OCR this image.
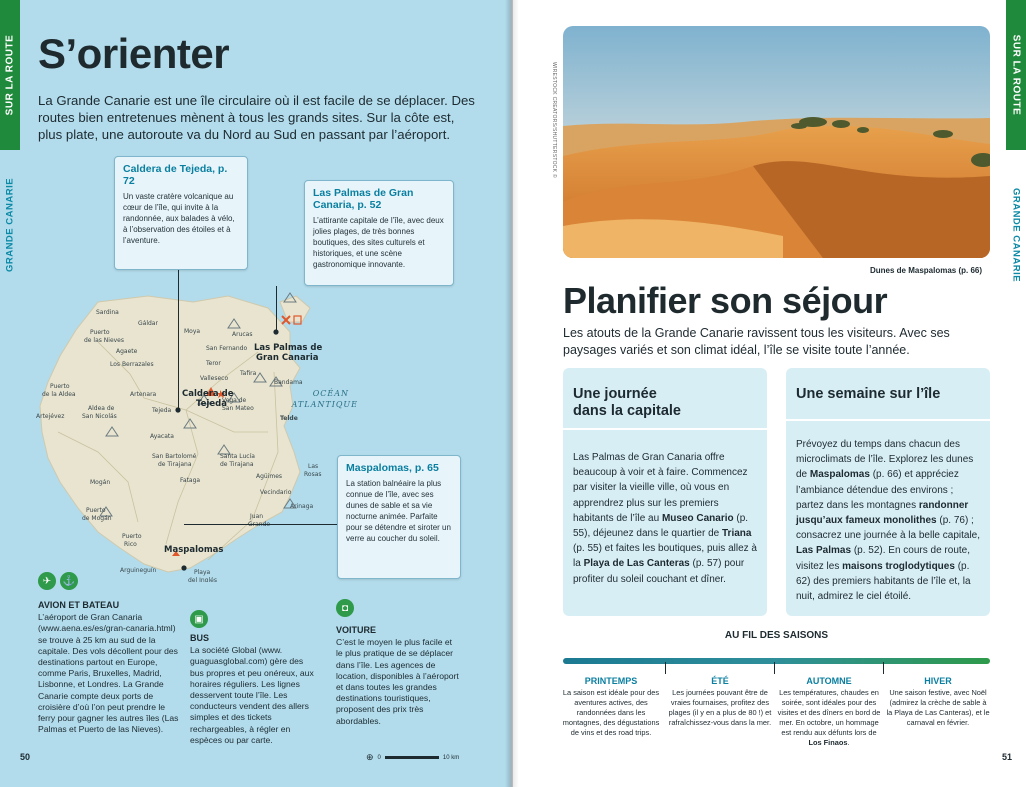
SUR LA ROUTE
GRANDE CANARIE
S’orienter

La Grande Canarie est une île circulaire où il est facile de se déplacer. Des routes bien entretenues mènent à tous les grands sites. Sur la côte est, plus plate, une autoroute va du Nord au Sud en passant par l’aéroport.

Sardina
Gáldar
Puerto
de las Nieves
Agaete
Los Berrazales
Moya	Arucas
San Fernando
Teror
Valleseco
Tafira
Bandama
Puerto
de la Aldea	Artenara
Vega de
San Mateo
Aldea de
San Nicolás
Artejévez
Tejeda
Ayacata
Telde
San Bartolomé
de Tirajana
Santa Lucía
de Tirajana	Las
Rosas
Mogán	Fataga
Agüimes
Vecindario
Arinaga
Juan
Puerto
de Mogán
Puerto
Rico
Arguineguín	Playa
del Inglés
Las Palmas de
Gran Canaria
Caldera de
Tejeda
Maspalomas
OCÉAN
ATLANTIQUE
Caldera de Tejeda, p. 72

Un vaste cratère volcanique au cœur de l’île, qui invite à la randonnée, aux balades à vélo, à l’observation des étoiles et à l’aventure.

Las Palmas de Gran Canaria, p. 52

L’attirante capitale de l’île, avec deux jolies plages, de très bonnes boutiques, des sites culturels et historiques, et une scène gastronomique innovante.

Maspalomas, p. 65

La station balnéaire la plus connue de l’île, avec ses dunes de sable et sa vie nocturne animée. Parfaite pour se détendre et siroter un verre au coucher du soleil.

✈	⚓
▣
◘
AVION ET BATEAU

L’aéroport de Gran Canaria (www.aena.es/es/gran-canaria.html) se trouve à 25 km au sud de la capitale. Des vols décollent pour des destinations partout en Europe, comme Paris, Bruxelles, Madrid, Lisbonne, et Londres. La Grande Canarie compte deux ports de croisière d’où l’on peut prendre le ferry pour gagner les autres îles (Las Palmas et Puerto de las Nieves).

BUS

La société Global (www. guaguasglobal.com) gère des bus propres et peu onéreux, aux horaires réguliers. Les lignes desservent toute l’île. Les conducteurs vendent des allers simples et des tickets rechargeables, à régler en espèces ou par carte.

VOITURE

C’est le moyen le plus facile et le plus pratique de se déplacer dans l’île. Les agences de location, disponibles à l’aéroport et dans toutes les grandes destinations touristiques, proposent des prix très abordables.

⊕ 0	10 km
50
SUR LA ROUTE
GRANDE CANARIE
WIRESTOCK CREATORS/SHUTTERSTOCK ©
Dunes de Maspalomas (p. 66)
Planifier son séjour

Les atouts de la Grande Canarie ravissent tous les visiteurs. Avec ses paysages variés et son climat idéal, l’île se visite toute l’année.

Une journée
dans la capitale

Las Palmas de Gran Canaria offre beaucoup à voir et à faire. Commencez par visiter la vieille ville, où vous en apprendrez plus sur les premiers habitants de l’île au Museo Canario (p. 55), déjeunez dans le quartier de Triana (p. 55) et faites les boutiques, puis allez à la Playa de Las Canteras (p. 57) pour profiter du soleil couchant et dîner.

Une semaine sur l’île

Prévoyez du temps dans chacun des microclimats de l’île. Explorez les dunes de Maspalomas (p. 66) et appréciez l’ambiance détendue des environs ; partez dans les montagnes randonner jusqu’aux fameux monolithes (p. 76) ; consacrez une journée à la belle capitale, Las Palmas (p. 52). En cours de route, visitez les maisons troglodytiques (p. 62) des premiers habitants de l’île et, la nuit, admirez le ciel étoilé.

AU FIL DES SAISONS
PRINTEMPS

La saison est idéale pour des aventures actives, des randonnées dans les montagnes, des dégustations de vins et des road trips.

ÉTÉ

Les journées pouvant être de vraies fournaises, profitez des plages (il y en a plus de 80 !) et rafraîchissez-vous dans la mer.

AUTOMNE

Les températures, chaudes en soirée, sont idéales pour des visites et des dîners en bord de mer. En octobre, un hommage est rendu aux défunts lors de Los Finaos.

HIVER

Une saison festive, avec Noël (admirez la crèche de sable à la Playa de Las Canteras), et le carnaval en février.

51
